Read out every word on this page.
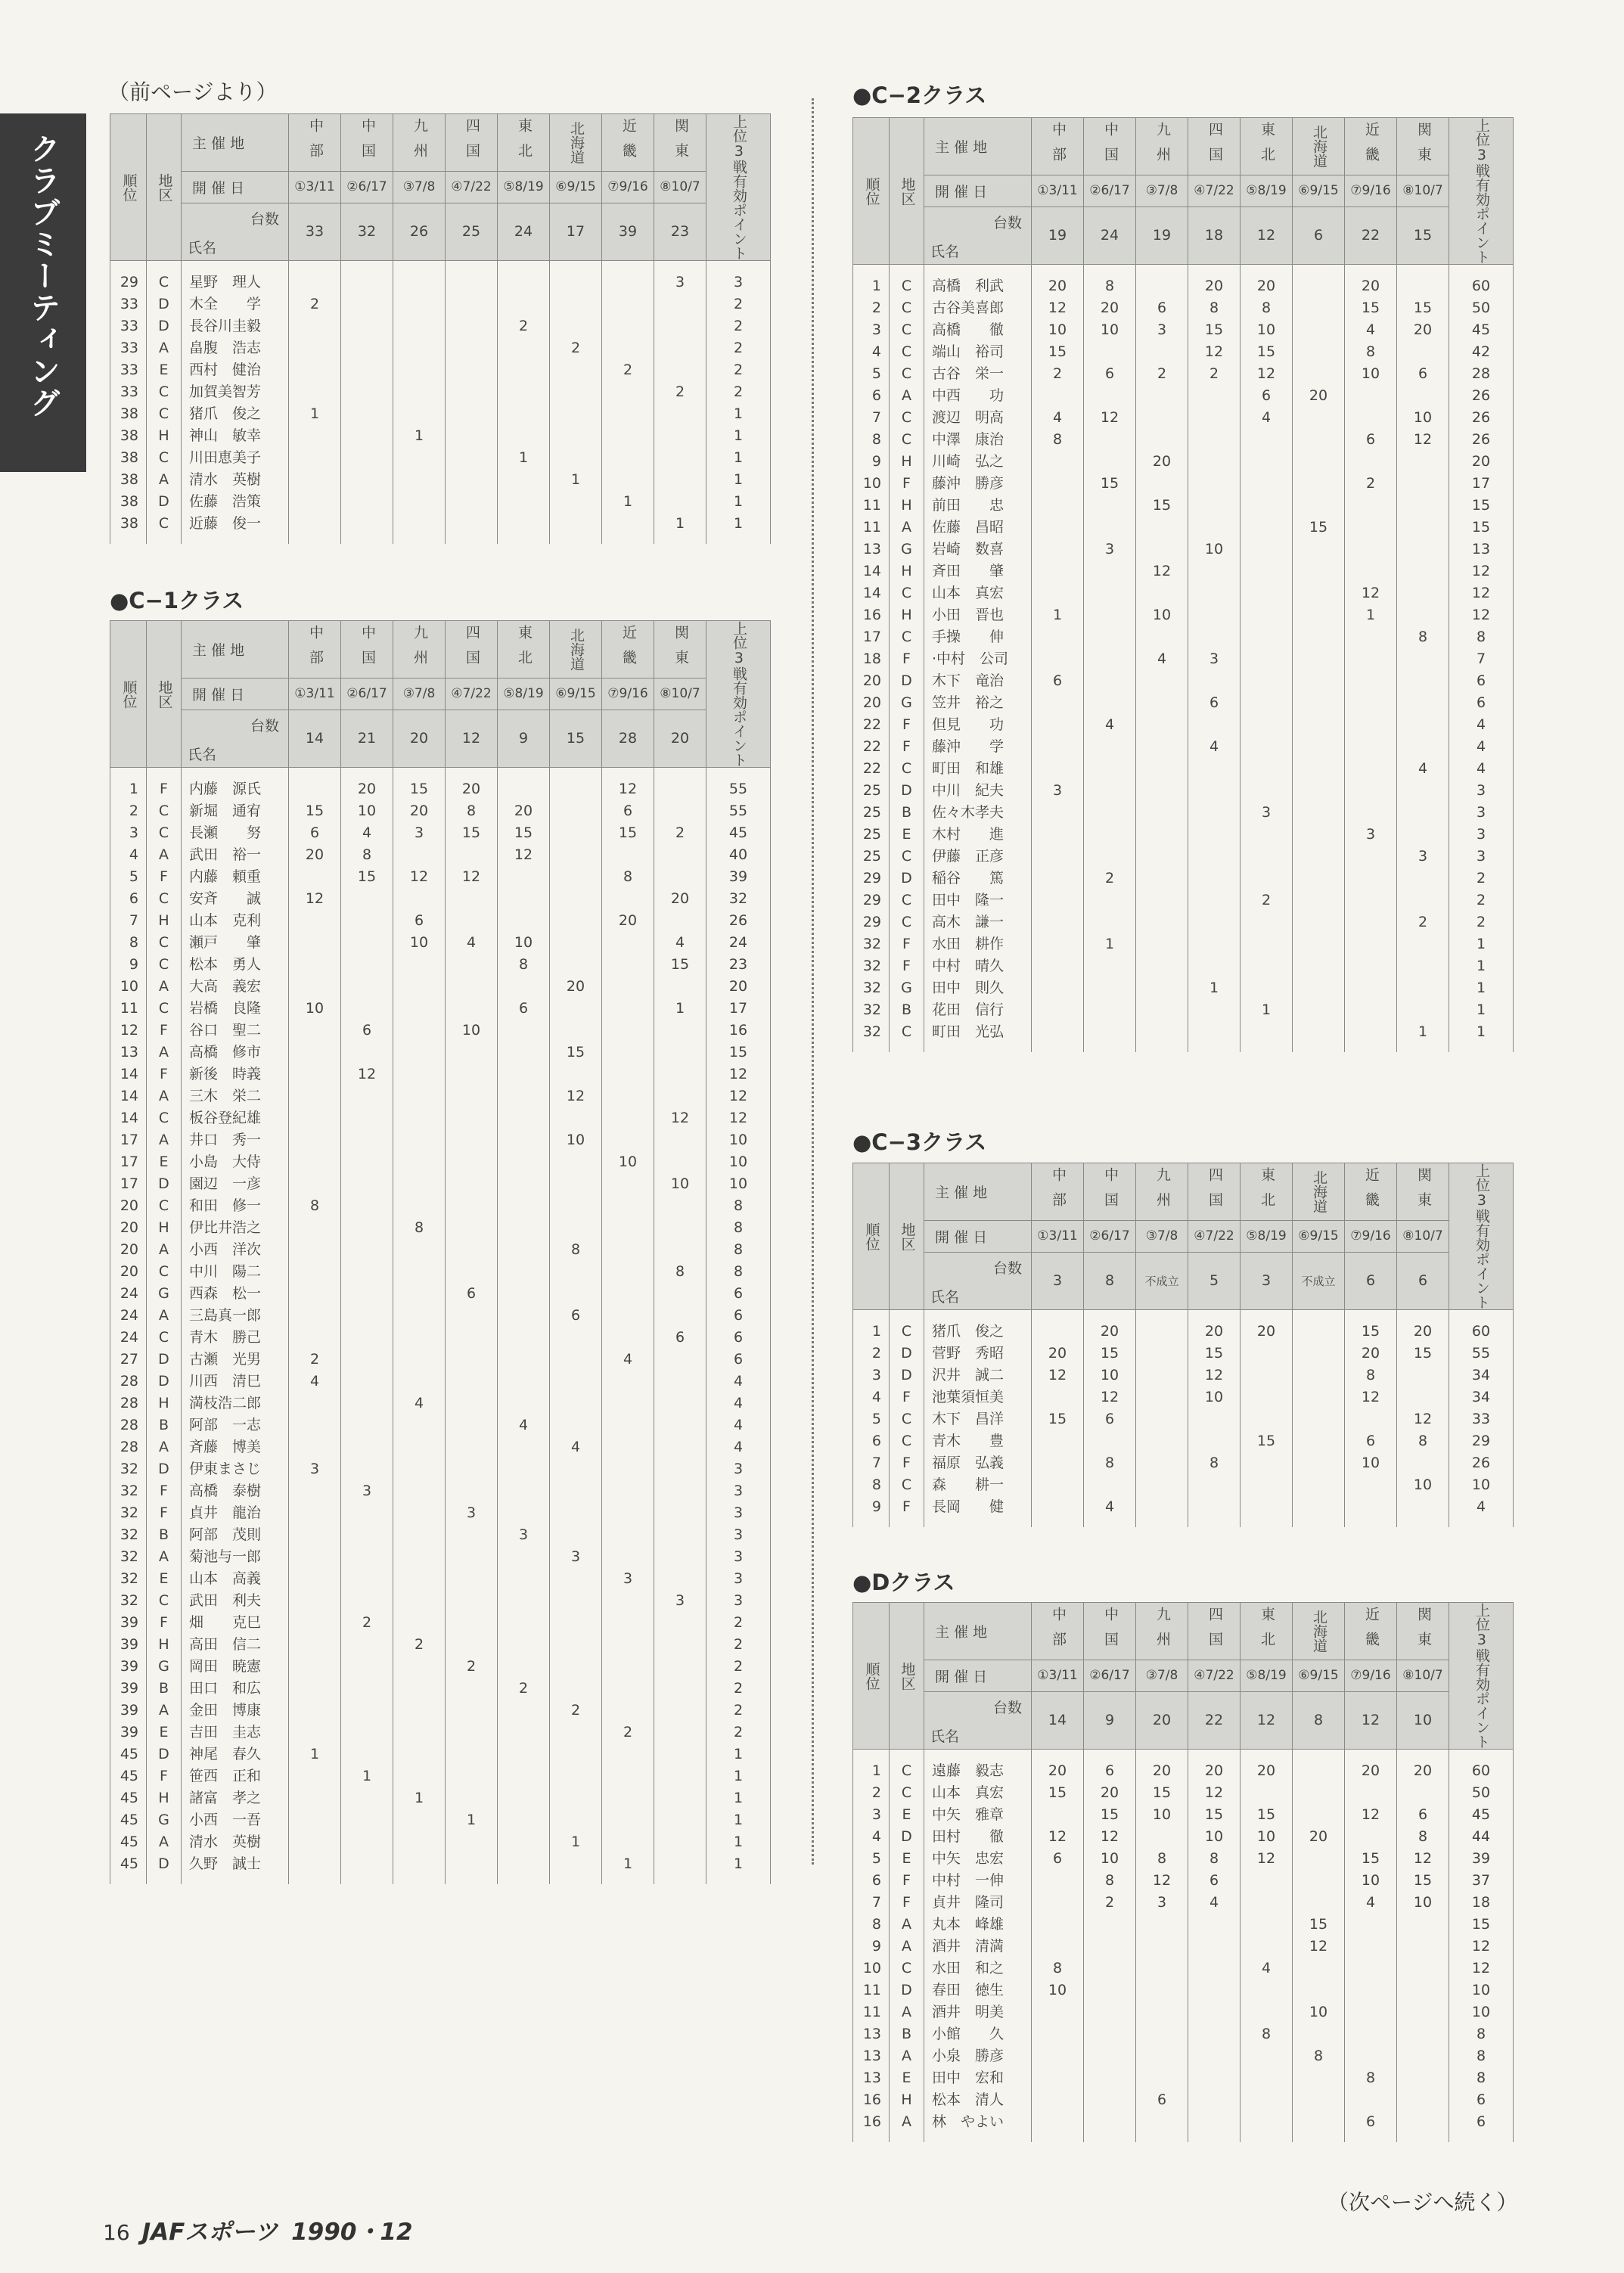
クラブミーティング
（前ページより）	●C−2クラス
●C−1クラス
●C−3クラス
●Dクラス
順位	地区	主 催 地	中部	中国	九州	四国	東北	北海道	近畿	関東	上位3戦有効ポイント
		開 催 日	①3/11	②6/17	③7/8	④7/22	⑤8/19	⑥9/15	⑦9/16	⑧10/7	

		台数
氏名	33	32	26	25	24	17	39	23	
29	C	星野　理人								3	3
33	D	木全　　学	2								2
33	D	長谷川圭毅					2				2
33	A	畠腹　浩志						2			2
33	E	西村　健治							2		2
33	C	加賀美智芳								2	2
38	C	猪爪　俊之	1								1
38	H	神山　敏幸			1						1
38	C	川田恵美子					1				1
38	A	清水　英樹						1			1
38	D	佐藤　浩策							1		1
38	C	近藤　俊一								1	1
順位	地区	主 催 地	中部	中国	九州	四国	東北	北海道	近畿	関東	上位3戦有効ポイント
		開 催 日	①3/11	②6/17	③7/8	④7/22	⑤8/19	⑥9/15	⑦9/16	⑧10/7	

		台数
氏名	14	21	20	12	9	15	28	20	
1	F	内藤　源氏		20	15	20			12		55
2	C	新堀　通宥	15	10	20	8	20		6		55
3	C	長瀬　　努	6	4	3	15	15		15	2	45
4	A	武田　裕一	20	8			12				40
5	F	内藤　頼重		15	12	12			8		39
6	C	安斉　　誠	12							20	32
7	H	山本　克利			6				20		26
8	C	瀬戸　　肇			10	4	10			4	24
9	C	松本　勇人					8			15	23
10	A	大高　義宏						20			20
11	C	岩橋　良隆	10				6			1	17
12	F	谷口　聖二		6		10					16
13	A	高橋　修市						15			15
14	F	新後　時義		12							12
14	A	三木　栄二						12			12
14	C	板谷登紀雄								12	12
17	A	井口　秀一						10			10
17	E	小島　大侍							10		10
17	D	園辺　一彦								10	10
20	C	和田　修一	8								8
20	H	伊比井浩之			8						8
20	A	小西　洋次						8			8
20	C	中川　陽二								8	8
24	G	西森　松一				6					6
24	A	三島真一郎						6			6
24	C	青木　勝己								6	6
27	D	古瀬　光男	2						4		6
28	D	川西　清巳	4								4
28	H	満枝浩二郎			4						4
28	B	阿部　一志					4				4
28	A	斉藤　博美						4			4
32	D	伊東まさじ	3								3
32	F	高橋　泰樹		3							3
32	F	貞井　龍治				3					3
32	B	阿部　茂則					3				3
32	A	菊池与一郎						3			3
32	E	山本　高義							3		3
32	C	武田　利夫								3	3
39	F	畑　　克巳		2							2
39	H	高田　信二			2						2
39	G	岡田　暁憲				2					2
39	B	田口　和広					2				2
39	A	金田　博康						2			2
39	E	吉田　圭志							2		2
45	D	神尾　春久	1								1
45	F	笹西　正和		1							1
45	H	諸富　孝之			1						1
45	G	小西　一吾				1					1
45	A	清水　英樹						1			1
45	D	久野　誠士							1		1
順位	地区	主 催 地	中部	中国	九州	四国	東北	北海道	近畿	関東	上位3戦有効ポイント
		開 催 日	①3/11	②6/17	③7/8	④7/22	⑤8/19	⑥9/15	⑦9/16	⑧10/7	

		台数
氏名	19	24	19	18	12	6	22	15	
1	C	高橋　利武	20	8		20	20		20		60
2	C	古谷美喜郎	12	20	6	8	8		15	15	50
3	C	高橋　　徹	10	10	3	15	10		4	20	45
4	C	端山　裕司	15			12	15		8		42
5	C	古谷　栄一	2	6	2	2	12		10	6	28
6	A	中西　　功					6	20			26
7	C	渡辺　明高	4	12			4			10	26
8	C	中澤　康治	8						6	12	26
9	H	川崎　弘之			20						20
10	F	藤沖　勝彦		15					2		17
11	H	前田　　忠			15						15
11	A	佐藤　昌昭						15			15
13	G	岩崎　数喜		3		10					13
14	H	斉田　　肇			12						12
14	C	山本　真宏							12		12
16	H	小田　晋也	1		10				1		12
17	C	手操　　伸								8	8
18	F	·中村　公司			4	3					7
20	D	木下　竜治	6								6
20	G	笠井　裕之				6					6
22	F	但見　　功		4							4
22	F	藤沖　　学				4					4
22	C	町田　和雄								4	4
25	D	中川　紀夫	3								3
25	B	佐々木孝夫					3				3
25	E	木村　　進							3		3
25	C	伊藤　正彦								3	3
29	D	稲谷　　篤		2							2
29	C	田中　隆一					2				2
29	C	高木　謙一								2	2
32	F	水田　耕作		1							1
32	F	中村　晴久									1
32	G	田中　則久				1					1
32	B	花田　信行					1				1
32	C	町田　光弘								1	1
順位	地区	主 催 地	中部	中国	九州	四国	東北	北海道	近畿	関東	上位3戦有効ポイント
		開 催 日	①3/11	②6/17	③7/8	④7/22	⑤8/19	⑥9/15	⑦9/16	⑧10/7	

		台数
氏名	3	8	不成立	5	3	不成立	6	6	
1	C	猪爪　俊之		20		20	20		15	20	60
2	D	菅野　秀昭	20	15		15			20	15	55
3	D	沢井　誠二	12	10		12			8		34
4	F	池葉須恒美		12		10			12		34
5	C	木下　昌洋	15	6						12	33
6	C	青木　　豊					15		6	8	29
7	F	福原　弘義		8		8			10		26
8	C	森　　耕一								10	10
9	F	長岡　　健		4							4
順位	地区	主 催 地	中部	中国	九州	四国	東北	北海道	近畿	関東	上位3戦有効ポイント
		開 催 日	①3/11	②6/17	③7/8	④7/22	⑤8/19	⑥9/15	⑦9/16	⑧10/7	

		台数
氏名	14	9	20	22	12	8	12	10	
1	C	遠藤　毅志	20	6	20	20	20		20	20	60
2	C	山本　真宏	15	20	15	12					50
3	E	中矢　雅章		15	10	15	15		12	6	45
4	D	田村　　徹	12	12		10	10	20		8	44
5	E	中矢　忠宏	6	10	8	8	12		15	12	39
6	F	中村　一伸		8	12	6			10	15	37
7	F	貞井　隆司		2	3	4			4	10	18
8	A	丸本　峰雄						15			15
9	A	酒井　清満						12			12
10	C	水田　和之	8				4				12
11	D	春田　徳生	10								10
11	A	酒井　明美						10			10
13	B	小館　　久					8				8
13	A	小泉　勝彦						8			8
13	E	田中　宏和							8		8
16	H	松本　清人			6						6
16	A	林　やよい							6		6
（次ページへ続く）
16 JAFスポーツ 1990・12
